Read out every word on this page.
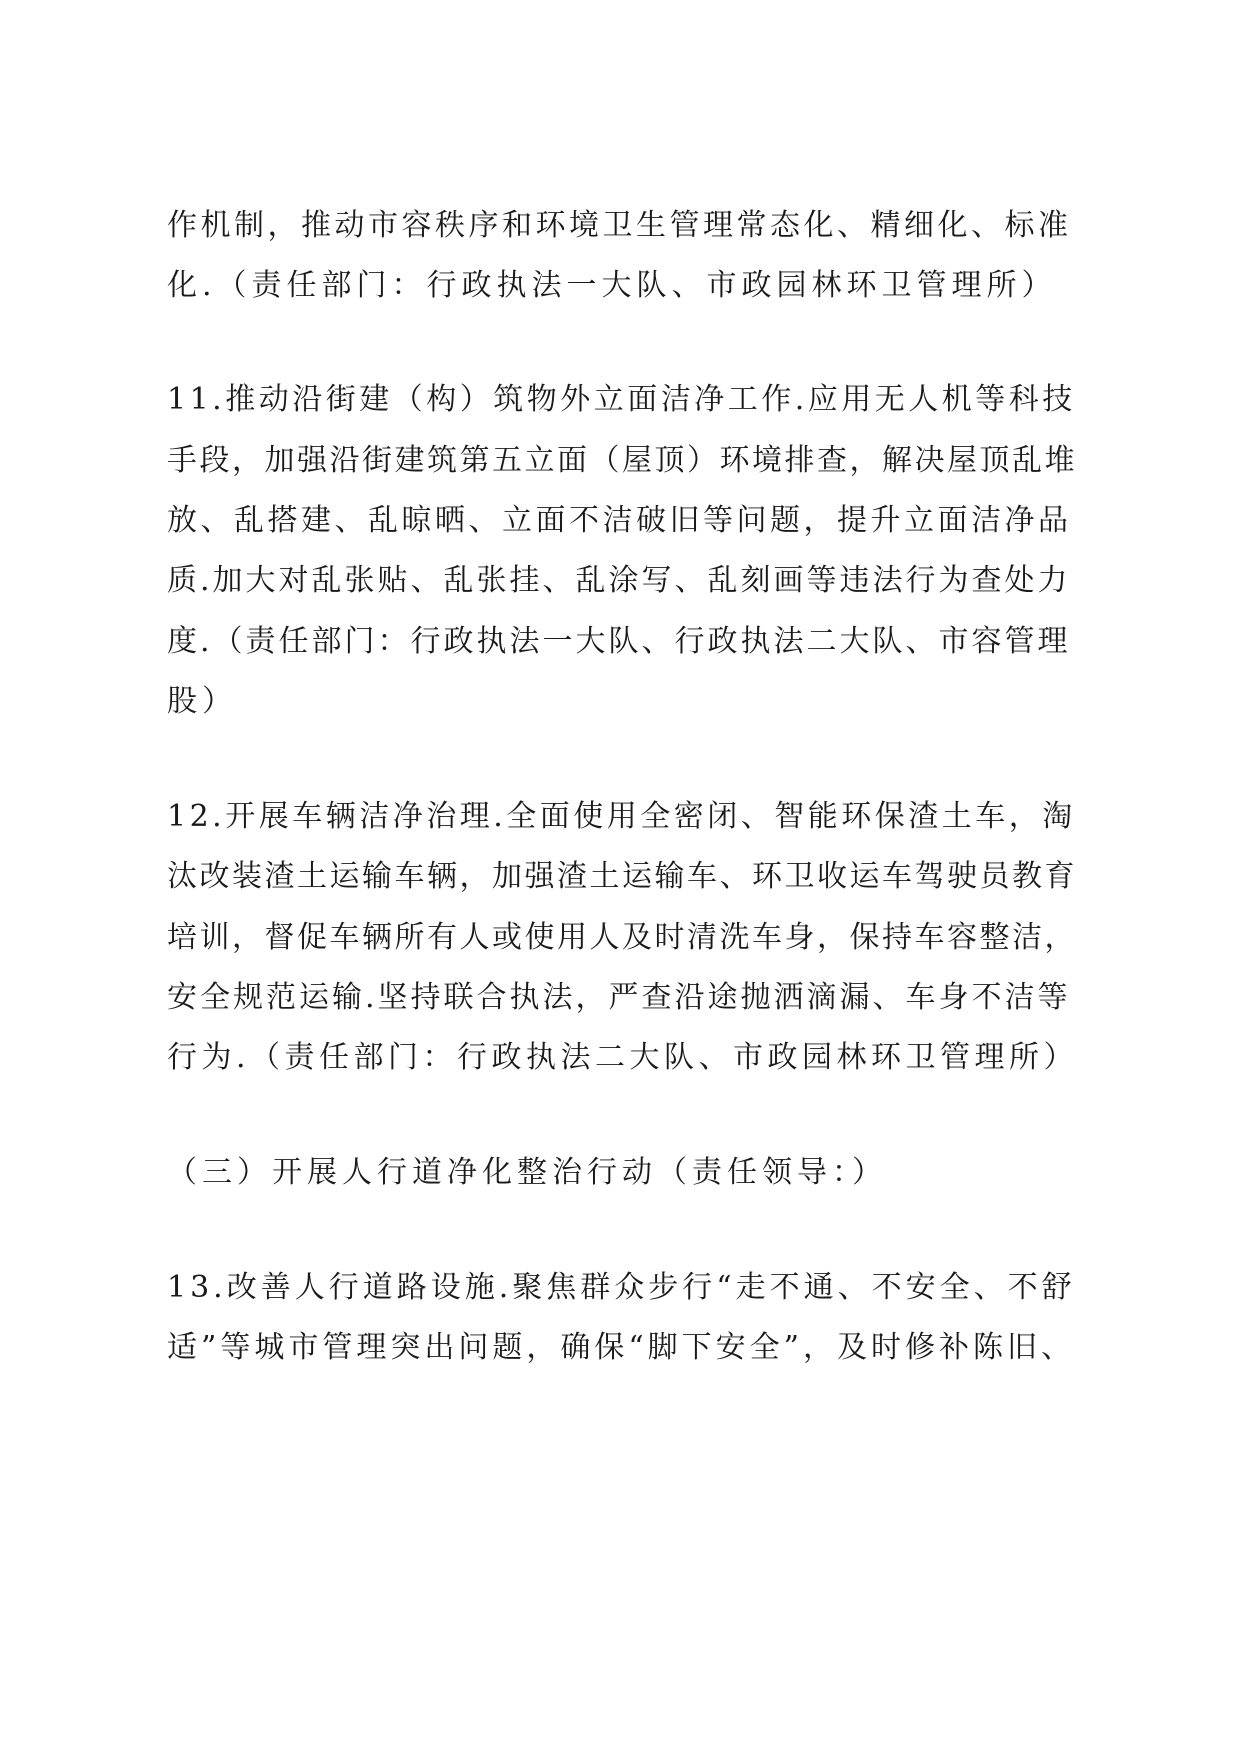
作机制，推动市容秩序和环境卫生管理常态化、精细化、标准
化.（责任部门：行政执法一大队、市政园林环卫管理所）
11.推动沿街建（构）筑物外立面洁净工作.应用无人机等科技
手段，加强沿街建筑第五立面（屋顶）环境排查，解决屋顶乱堆
放、乱搭建、乱晾晒、立面不洁破旧等问题，提升立面洁净品
质.加大对乱张贴、乱张挂、乱涂写、乱刻画等违法行为查处力
度.（责任部门：行政执法一大队、行政执法二大队、市容管理
股）
12.开展车辆洁净治理.全面使用全密闭、智能环保渣土车，淘
汰改装渣土运输车辆，加强渣土运输车、环卫收运车驾驶员教育
培训，督促车辆所有人或使用人及时清洗车身，保持车容整洁，
安全规范运输.坚持联合执法，严查沿途抛洒滴漏、车身不洁等
行为.（责任部门：行政执法二大队、市政园林环卫管理所）
（三）开展人行道净化整治行动（责任领导：）
13.改善人行道路设施.聚焦群众步行“走不通、不安全、不舒
适”等城市管理突出问题，确保“脚下安全”，及时修补陈旧、
